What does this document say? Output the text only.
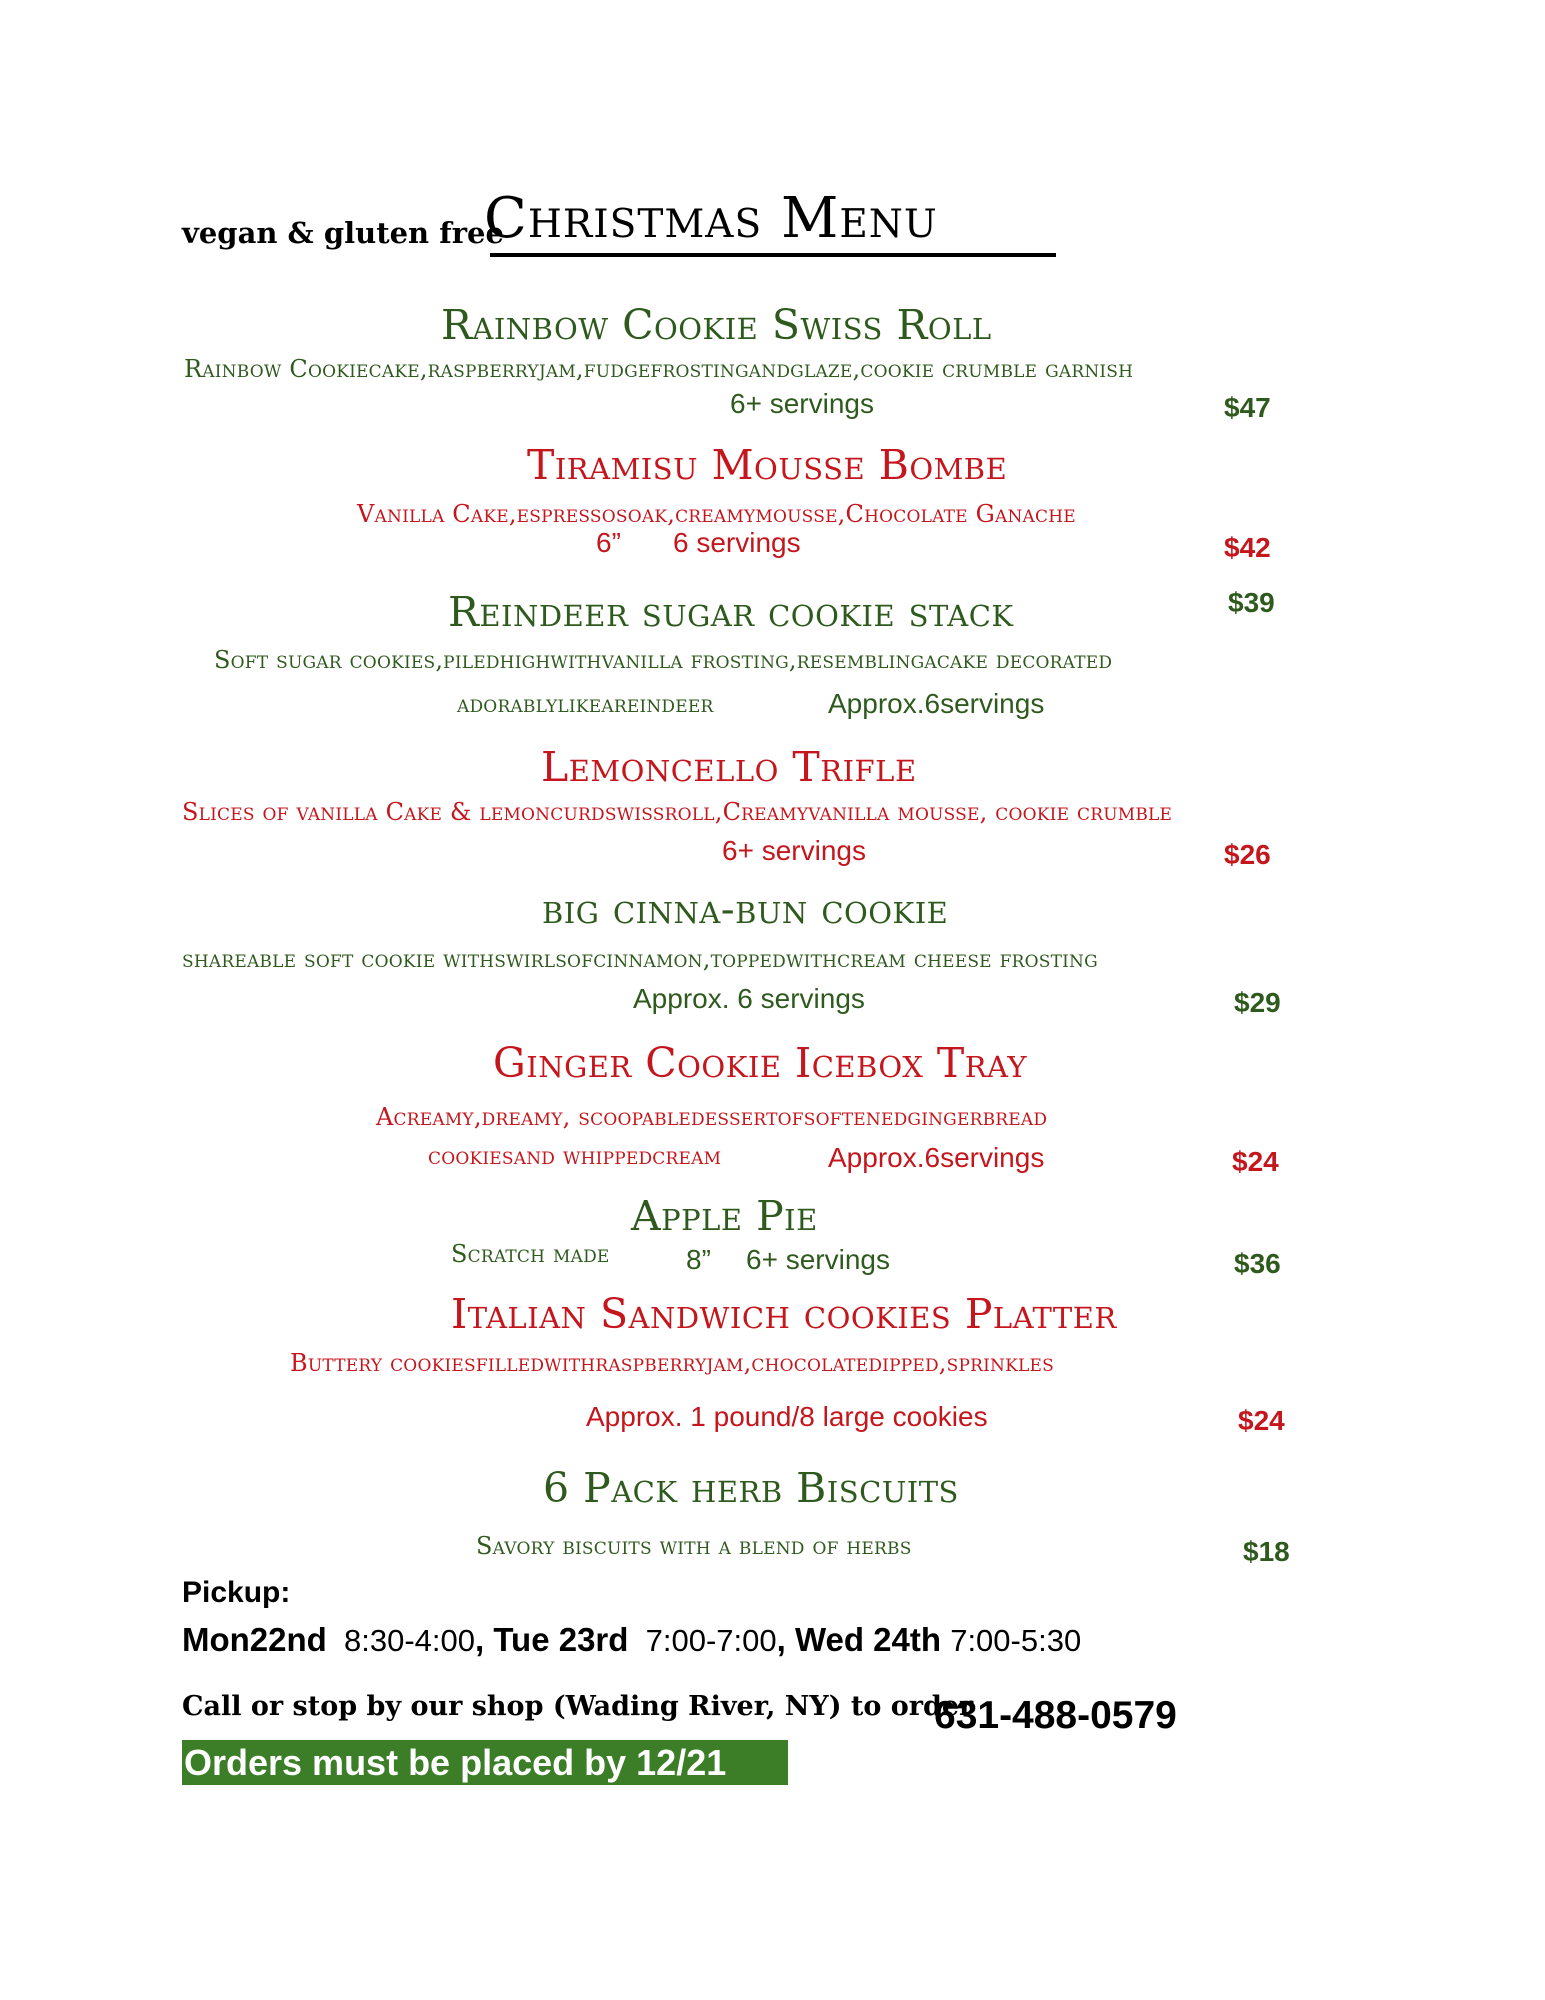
vegan & gluten free
Christmas Menu
Rainbow Cookie Swiss Roll
Rainbow Cookiecake,raspberryjam,fudgefrostingandglaze,cookie crumble garnish
6+ servings	$47
Tiramisu Mousse Bombe
Vanilla Cake,espressosoak,creamymousse,Chocolate Ganache
6” 6 servings	$42
Reindeer sugar cookie stack	$39
Soft sugar cookies,piledhighwithvanilla frosting,resemblingacake decorated
adorablylikeareindeer	Approx.6servings
Lemoncello Trifle
Slices of vanilla Cake & lemoncurdswissroll,Creamyvanilla mousse, cookie crumble
6+ servings	$26
big cinna-bun cookie
shareable soft cookie withswirlsofcinnamon,toppedwithcream cheese frosting
Approx. 6 servings	$29
Ginger Cookie Icebox Tray
Acreamy,dreamy, scoopabledessertofsoftenedgingerbread
cookiesand whippedcream	Approx.6servings	$24
Apple Pie
Scratch made	8” 6+ servings	$36
Italian Sandwich cookies Platter
Buttery cookiesfilledwithraspberryjam,chocolatedipped,sprinkles
Approx. 1 pound/8 large cookies	$24
6 Pack herb Biscuits
Savory biscuits with a blend of herbs	$18
Pickup:
Mon22nd 8:30-4:00, Tue 23rd 7:00-7:00, Wed 24th 7:00-5:30
Call or stop by our shop (Wading River, NY) to order
631-488-0579
Orders must be placed by 12/21
